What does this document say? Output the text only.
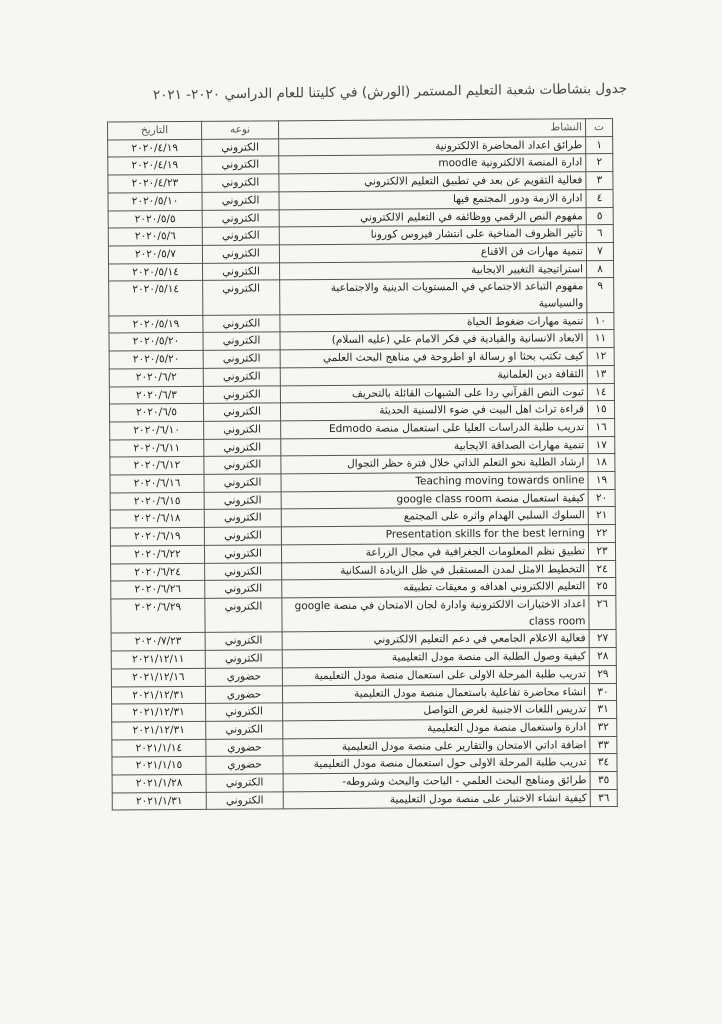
جدول بنشاطات شعبة التعليم المستمر (الورش) في كليتنا للعام الدراسي ٢٠٢٠- ٢٠٢١
ت	النشاط	نوعه	التاريخ
١	طرائق اعداد المحاضرة الالكترونية	الكتروني	٢٠٢٠/٤/١٩
٢	ادارة المنصة الالكترونية moodle	الكتروني	٢٠٢٠/٤/١٩
٣	فعالية التقويم عن بعد في تطبيق التعليم الالكتروني	الكتروني	٢٠٢٠/٤/٢٣
٤	ادارة الازمة ودور المجتمع فيها	الكتروني	٢٠٢٠/٥/١٠
٥	مفهوم النص الرقمي ووظائفه في التعليم الالكتروني	الكتروني	٢٠٢٠/٥/٥
٦	تأثير الظروف المناخية على انتشار فيروس كورونا	الكتروني	٢٠٢٠/٥/٦
٧	تنمية مهارات فن الاقناع	الكتروني	٢٠٢٠/٥/٧
٨	استراتيجية التغيير الايجابية	الكتروني	٢٠٢٠/٥/١٤
٩	مفهوم التباعد الاجتماعي في المستويات الدينية والاجتماعية والسياسية	الكتروني	٢٠٢٠/٥/١٤
١٠	تنمية مهارات ضغوط الحياة	الكتروني	٢٠٢٠/٥/١٩
١١	الابعاد الانسانية والقيادية في فكر الامام علي (عليه السلام)	الكتروني	٢٠٢٠/٥/٢٠
١٢	كيف تكتب بحثا او رسالة او اطروحة في مناهج البحث العلمي	الكتروني	٢٠٢٠/٥/٢٠
١٣	الثقافة دين العلمانية	الكتروني	٢٠٢٠/٦/٢
١٤	ثبوت النص القرآني ردا على الشبهات القائلة بالتحريف	الكتروني	٢٠٢٠/٦/٣
١٥	قراءة تراث اهل البيت في ضوء الالسنية الحديثة	الكتروني	٢٠٢٠/٦/٥
١٦	تدريب طلبة الدراسات العليا على استعمال منصة Edmodo	الكتروني	٢٠٢٠/٦/١٠
١٧	تنمية مهارات الصداقة الايجابية	الكتروني	٢٠٢٠/٦/١١
١٨	ارشاد الطلبة نحو التعلم الذاتي خلال فترة حظر التجوال	الكتروني	٢٠٢٠/٦/١٢
١٩	Teaching moving towards online	الكتروني	٢٠٢٠/٦/١٦
٢٠	كيفية استعمال منصة google class room	الكتروني	٢٠٢٠/٦/١٥
٢١	السلوك السلبي الهدام واثره على المجتمع	الكتروني	٢٠٢٠/٦/١٨
٢٢	Presentation skills for the best lerning	الكتروني	٢٠٢٠/٦/١٩
٢٣	تطبيق نظم المعلومات الجغرافية في مجال الزراعة	الكتروني	٢٠٢٠/٦/٢٢
٢٤	التخطيط الامثل لمدن المستقبل في ظل الزيادة السكانية	الكتروني	٢٠٢٠/٦/٢٤
٢٥	التعليم الالكتروني اهدافه و معيقات تطبيقه	الكتروني	٢٠٢٠/٦/٢٦
٢٦	اعداد الاختبارات الالكترونية وادارة لجان الامتحان في منصة google class room	الكتروني	٢٠٢٠/٦/٢٩
٢٧	فعالية الاعلام الجامعي في دعم التعليم الالكتروني	الكتروني	٢٠٢٠/٧/٢٣
٢٨	كيفية وصول الطلبة الى منصة مودل التعليمية	الكتروني	٢٠٢١/١٢/١١
٢٩	تدريب طلبة المرحلة الاولى على استعمال منصة مودل التعليمية	حضوري	٢٠٢١/١٢/١٦
٣٠	انشاء محاضرة تفاعلية باستعمال منصة مودل التعليمية	حضوري	٢٠٢١/١٢/٣١
٣١	تدريس اللغات الاجنبية لغرض التواصل	الكتروني	٢٠٢١/١٢/٣١
٣٢	ادارة واستعمال منصة مودل التعليمية	الكتروني	٢٠٢١/١٢/٣١
٣٣	اضافة اداتي الامتحان والتقارير على منصة مودل التعليمية	حضوري	٢٠٢١/١/١٤
٣٤	تدريب طلبة المرحلة الاولى حول استعمال منصة مودل التعليمية	حضوري	٢٠٢١/١/١٥
٣٥	طرائق ومناهج البحث العلمي - الباحث والبحث وشروطه-	الكتروني	٢٠٢١/١/٢٨
٣٦	كيفية انشاء الاختبار على منصة مودل التعليمية	الكتروني	٢٠٢١/١/٣١
